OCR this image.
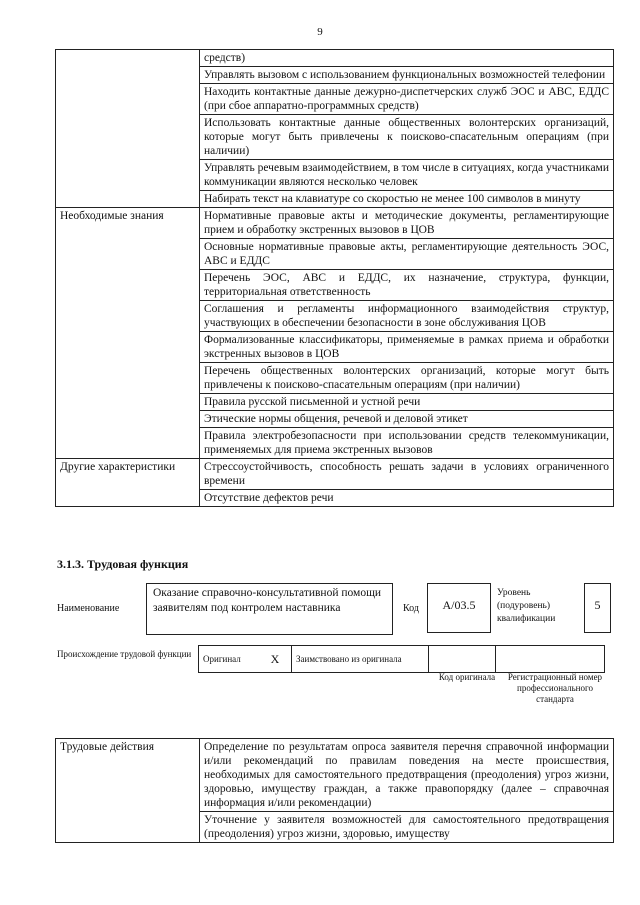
9
	средств)
	Управлять вызовом с использованием функциональных возможностей телефонии
	Находить контактные данные дежурно-диспетчерских служб ЭОС и АВС, ЕДДС (при сбое аппаратно-программных средств)
	Использовать контактные данные общественных волонтерских организаций, которые могут быть привлечены к поисково-спасательным операциям (при наличии)
	Управлять речевым взаимодействием, в том числе в ситуациях, когда участниками коммуникации являются несколько человек
	Набирать текст на клавиатуре со скоростью не менее 100 символов в минуту
Необходимые знания	Нормативные правовые акты и методические документы, регламентирующие прием и обработку экстренных вызовов в ЦОВ
	Основные нормативные правовые акты, регламентирующие деятельность ЭОС, АВС и ЕДДС
	Перечень ЭОС, АВС и ЕДДС, их назначение, структура, функции, территориальная ответственность
	Соглашения и регламенты информационного взаимодействия структур, участвующих в обеспечении безопасности в зоне обслуживания ЦОВ
	Формализованные классификаторы, применяемые в рамках приема и обработки экстренных вызовов в ЦОВ
	Перечень общественных волонтерских организаций, которые могут быть привлечены к поисково-спасательным операциям (при наличии)
	Правила русской письменной и устной речи
	Этические нормы общения, речевой и деловой этикет
	Правила электробезопасности при использовании средств телекоммуникации, применяемых для приема экстренных вызовов
Другие характеристики	Стрессоустойчивость, способность решать задачи в условиях ограниченного времени
	Отсутствие дефектов речи
3.1.3. Трудовая функция
Наименование
Оказание справочно-консультативной помощи заявителям под контролем наставника	Код	А/03.5
Уровень (подуровень) квалификации
5
Происхождение трудовой функции Оригинал	Х	Заимствовано из оригинала		
Код оригинала	Регистрационный номер профессионального стандарта
Трудовые действия	Определение по результатам опроса заявителя перечня справочной информации и/или рекомендаций по правилам поведения на месте происшествия, необходимых для самостоятельного предотвращения (преодоления) угроз жизни, здоровью, имуществу граждан, а также правопорядку (далее – справочная информация и/или рекомендации)
Уточнение у заявителя возможностей для самостоятельного предотвращения (преодоления) угроз жизни, здоровью, имуществу
